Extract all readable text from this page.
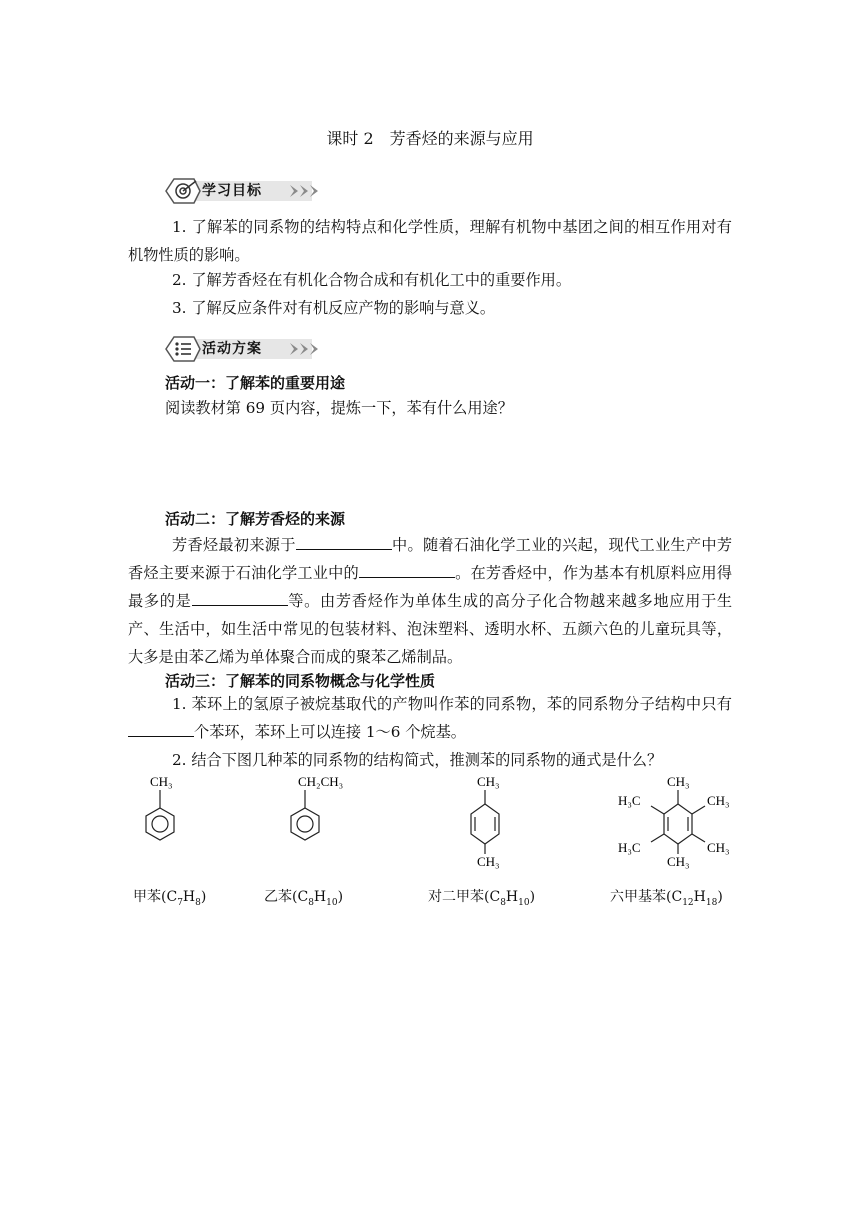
课时 2　芳香烃的来源与应用
学习目标
1. 了解苯的同系物的结构特点和化学性质，理解有机物中基团之间的相互作用对有机物性质的影响。
2. 了解芳香烃在有机化合物合成和有机化工中的重要作用。
3. 了解反应条件对有机反应产物的影响与意义。
活动方案
活动一：了解苯的重要用途
阅读教材第 69 页内容，提炼一下，苯有什么用途？
活动二：了解芳香烃的来源
芳香烃最初来源于	中。随着石油化学工业的兴起，现代工业生产中芳香烃主要来源于石油化学工业中的	。在芳香烃中，作为基本有机原料应用得最多的是	等。由芳香烃作为单体生成的高分子化合物越来越多地应用于生产、生活中，如生活中常见的包装材料、泡沫塑料、透明水杯、五颜六色的儿童玩具等，大多是由苯乙烯为单体聚合而成的聚苯乙烯制品。
活动三：了解苯的同系物概念与化学性质
1. 苯环上的氢原子被烷基取代的产物叫作苯的同系物，苯的同系物分子结构中只有个苯环，苯环上可以连接 1～6 个烷基。
2. 结合下图几种苯的同系物的结构简式，推测苯的同系物的通式是什么？
CH₃	CH₂CH₃	CH₃
CH₃
CH₃
H₃C	CH₃
H₃C	CH₃
CH₃
甲苯$(C_7H_8)$	乙苯$(C_8H_{10})$	对二甲苯$(C_8H_{10})$	六甲基苯$(C_{12}H_{18})$
